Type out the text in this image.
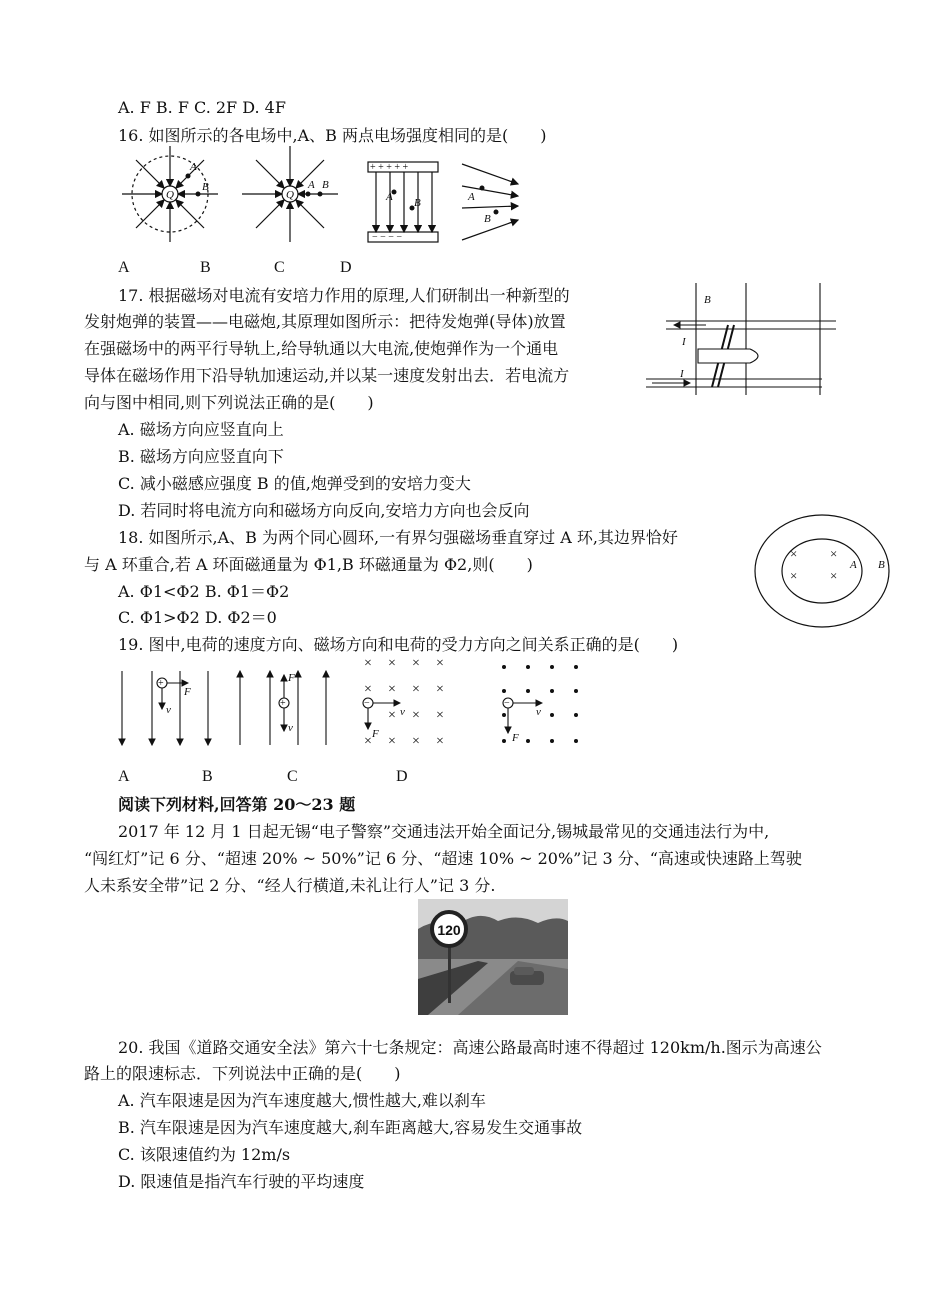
A. F B. F C. 2F D. 4F
16. 如图所示的各电场中,A、B 两点电场强度相同的是(　　)
Q
A
B
Q
A B
+ + + + +
− − − −
A B	A
B
A	B	C	D
17. 根据磁场对电流有安培力作用的原理,人们研制出一种新型的
发射炮弹的装置——电磁炮,其原理如图所示：把待发炮弹(导体)放置
在强磁场中的两平行导轨上,给导轨通以大电流,使炮弹作为一个通电
导体在磁场作用下沿导轨加速运动,并以某一速度发射出去．若电流方
向与图中相同,则下列说法正确的是(　　)
A. 磁场方向应竖直向上
B. 磁场方向应竖直向下
C. 减小磁感应强度 B 的值,炮弹受到的安培力变大
D. 若同时将电流方向和磁场方向反向,安培力方向也会反向
B
I
I
18. 如图所示,A、B 为两个同心圆环,一有界匀强磁场垂直穿过 A 环,其边界恰好
与 A 环重合,若 A 环面磁通量为 Φ1,B 环磁通量为 Φ2,则(　　)
A. Φ1<Φ2 B. Φ1＝Φ2
C. Φ1>Φ2 D. Φ2＝0
×	×
×	×
A B
19. 图中,电荷的速度方向、磁场方向和电荷的受力方向之间关系正确的是(　　)
+
F
v
+
F
v
× × × ×
× × × ×
× × ×
× × × ×
−
v
F
−
v
F
A	B	C	D
阅读下列材料,回答第 20～23 题
2017 年 12 月 1 日起无锡“电子警察”交通违法开始全面记分,锡城最常见的交通违法行为中,
“闯红灯”记 6 分、“超速 20% ~ 50%”记 6 分、“超速 10% ~ 20%”记 3 分、“高速或快速路上驾驶
人未系安全带”记 2 分、“经人行横道,未礼让行人”记 3 分.
120
20. 我国《道路交通安全法》第六十七条规定：高速公路最高时速不得超过 120km/h.图示为高速公
路上的限速标志．下列说法中正确的是(　　)
A. 汽车限速是因为汽车速度越大,惯性越大,难以刹车
B. 汽车限速是因为汽车速度越大,刹车距离越大,容易发生交通事故
C. 该限速值约为 12m/s
D. 限速值是指汽车行驶的平均速度
